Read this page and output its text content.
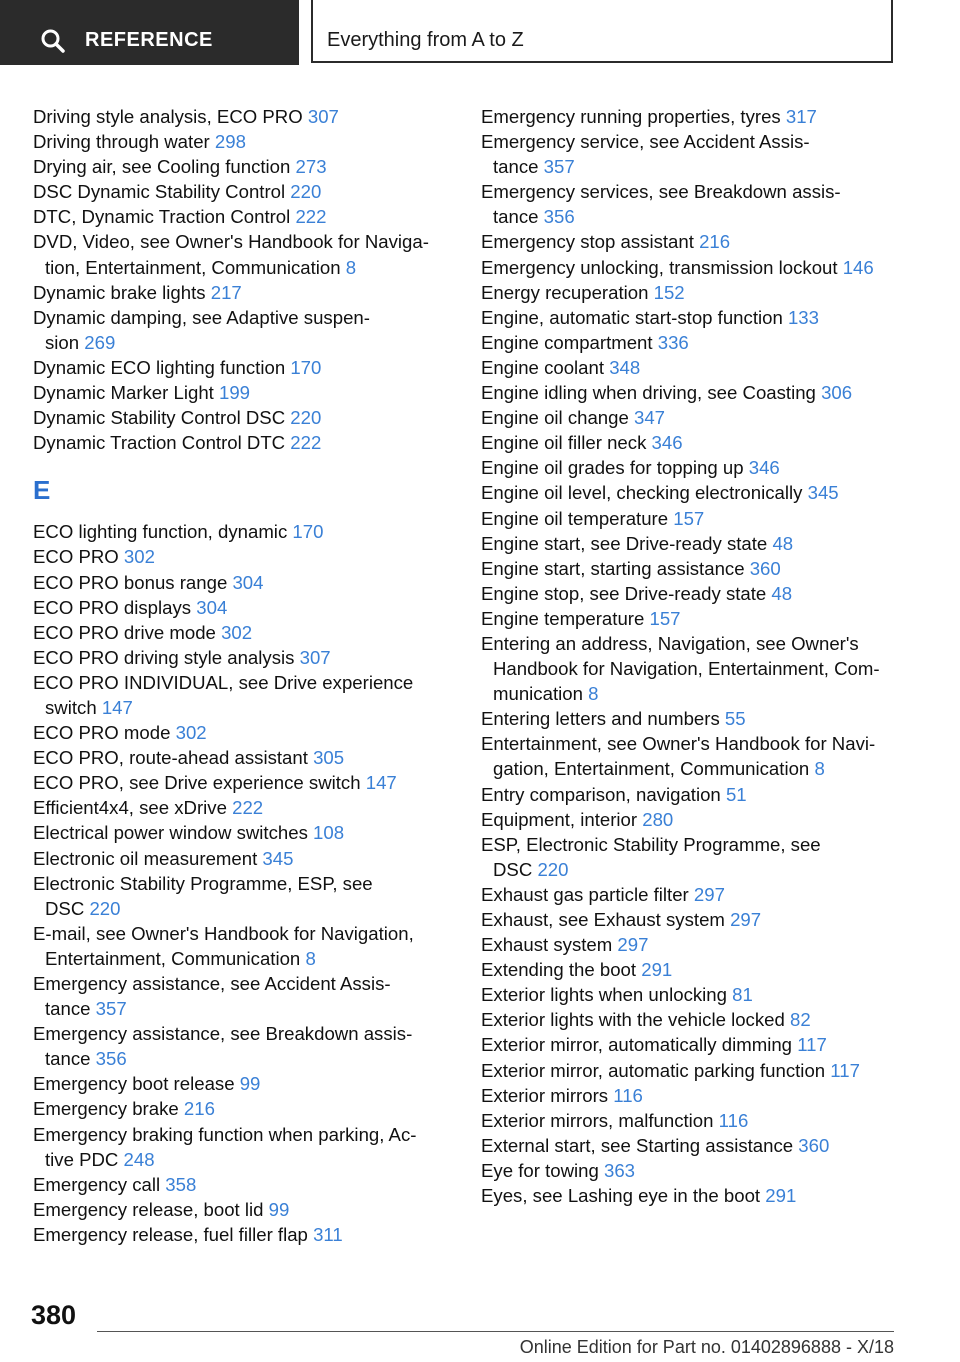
REFERENCE	Everything from A to Z
Driving style analysis, ECO PRO 307
Driving through water 298
Drying air, see Cooling function 273
DSC Dynamic Stability Control 220
DTC, Dynamic Traction Control 222
DVD, Video, see Owner's Handbook for Naviga-
tion, Entertainment, Communication 8
Dynamic brake lights 217
Dynamic damping, see Adaptive suspen-
sion 269
Dynamic ECO lighting function 170
Dynamic Marker Light 199
Dynamic Stability Control DSC 220
Dynamic Traction Control DTC 222
E
ECO lighting function, dynamic 170
ECO PRO 302
ECO PRO bonus range 304
ECO PRO displays 304
ECO PRO drive mode 302
ECO PRO driving style analysis 307
ECO PRO INDIVIDUAL, see Drive experience
switch 147
ECO PRO mode 302
ECO PRO, route-ahead assistant 305
ECO PRO, see Drive experience switch 147
Efficient4x4, see xDrive 222
Electrical power window switches 108
Electronic oil measurement 345
Electronic Stability Programme, ESP, see
DSC 220
E-mail, see Owner's Handbook for Navigation,
Entertainment, Communication 8
Emergency assistance, see Accident Assis-
tance 357
Emergency assistance, see Breakdown assis-
tance 356
Emergency boot release 99
Emergency brake 216
Emergency braking function when parking, Ac-
tive PDC 248
Emergency call 358
Emergency release, boot lid 99
Emergency release, fuel filler flap 311
Emergency running properties, tyres 317
Emergency service, see Accident Assis-
tance 357
Emergency services, see Breakdown assis-
tance 356
Emergency stop assistant 216
Emergency unlocking, transmission lockout 146
Energy recuperation 152
Engine, automatic start-stop function 133
Engine compartment 336
Engine coolant 348
Engine idling when driving, see Coasting 306
Engine oil change 347
Engine oil filler neck 346
Engine oil grades for topping up 346
Engine oil level, checking electronically 345
Engine oil temperature 157
Engine start, see Drive-ready state 48
Engine start, starting assistance 360
Engine stop, see Drive-ready state 48
Engine temperature 157
Entering an address, Navigation, see Owner's
Handbook for Navigation, Entertainment, Com-
munication 8
Entering letters and numbers 55
Entertainment, see Owner's Handbook for Navi-
gation, Entertainment, Communication 8
Entry comparison, navigation 51
Equipment, interior 280
ESP, Electronic Stability Programme, see
DSC 220
Exhaust gas particle filter 297
Exhaust, see Exhaust system 297
Exhaust system 297
Extending the boot 291
Exterior lights when unlocking 81
Exterior lights with the vehicle locked 82
Exterior mirror, automatically dimming 117
Exterior mirror, automatic parking function 117
Exterior mirrors 116
Exterior mirrors, malfunction 116
External start, see Starting assistance 360
Eye for towing 363
Eyes, see Lashing eye in the boot 291
380
Online Edition for Part no. 01402896888 - X/18
